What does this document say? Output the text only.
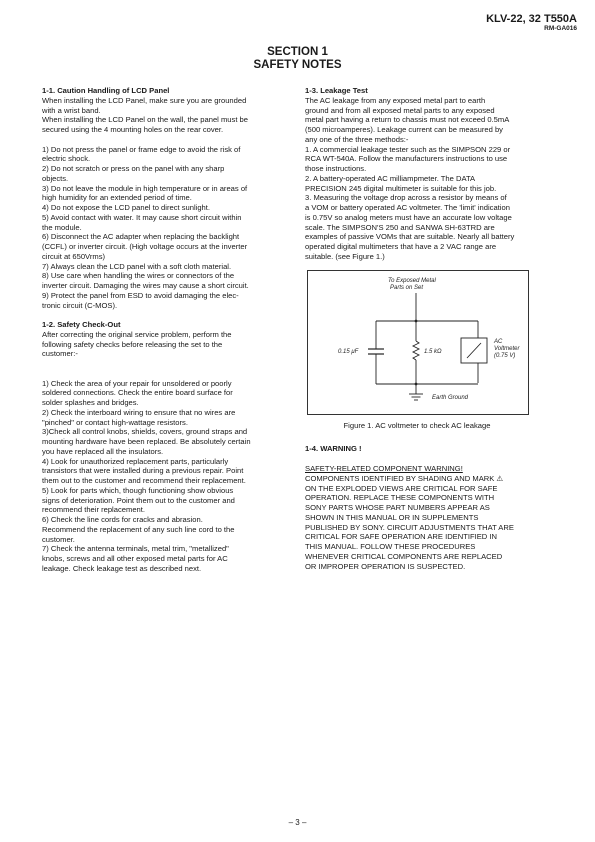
KLV-22, 32 T550A
RM-GA016
SECTION 1
SAFETY NOTES
1-1. Caution Handling of LCD Panel
When installing the LCD Panel, make sure you are grounded
with a wrist band.
When installing the LCD Panel on the wall, the panel must be
secured using the 4 mounting holes on the rear cover.
1) Do not press the panel or frame edge to avoid the risk of
electric shock.
2) Do not scratch or press on the panel with any sharp
objects.
3) Do not leave the module in high temperature or in areas of
high humidity for an extended period of time.
4) Do not expose the LCD panel to direct sunlight.
5) Avoid contact with water. It may cause short circuit within
the module.
6) Disconnect the AC adapter when replacing the backlight
(CCFL) or inverter circuit. (High voltage occurs at the inverter
circuit at 650Vrms)
7) Always clean the LCD panel with a soft cloth material.
8) Use care when handling the wires or connectors of the
inverter circuit. Damaging the wires may cause a short circuit.
9) Protect the panel from ESD to avoid damaging the elec-
tronic circuit (C-MOS).
1-2. Safety Check-Out
After correcting the original service problem, perform the
following safety checks before releasing the set to the
customer:-
1) Check the area of your repair for unsoldered or poorly
soldered connections. Check the entire board surface for
solder splashes and bridges.
2) Check the interboard wiring to ensure that no wires are
"pinched" or contact high-wattage resistors.
3)Check all control knobs, shields, covers, ground straps and
mounting hardware have been replaced. Be absolutely certain
you have replaced all the insulators.
4) Look for unauthorized replacement parts, particularly
transistors that were installed during a previous repair. Point
them out to the customer and recommend their replacement.
5) Look for parts which, though functioning show obvious
signs of deterioration. Point them out to the customer and
recommend their replacement.
6) Check the line cords for cracks and abrasion.
Recommend the replacement of any such line cord to the
customer.
7) Check the antenna terminals, metal trim, "metallized"
knobs, screws and all other exposed metal parts for AC
leakage. Check leakage test as described next.
1-3. Leakage Test
The AC leakage from any exposed metal part to earth
ground and from all exposed metal parts to any exposed
metal part having a return to chassis must not exceed 0.5mA
(500 microamperes). Leakage current can be measured by
any one of the three methods:-
1. A commercial leakage tester such as the SIMPSON 229 or
RCA WT-540A. Follow the manufacturers instructions to use
those instructions.
2. A battery-operated AC milliampmeter. The DATA
PRECISION 245 digital multimeter is suitable for this job.
3. Measuring the voltage drop across a resistor by means of
a VOM or battery operated AC voltmeter. The 'limit' indication
is 0.75V so analog meters must have an accurate low voltage
scale. The SIMPSON'S 250 and SANWA SH-63TRD are
examples of passive VOMs that are suitable. Nearly all battery
operated digital multimeters that have a 2 VAC range are
suitable. (see Figure 1.)
To Exposed Metal
Parts on Set
0.15 μF	1.5 kΩ
AC
Voltmeter
(0.75 V)
Earth Ground
Figure 1. AC voltmeter to check AC leakage
1-4. WARNING !
SAFETY-RELATED COMPONENT WARNING!
COMPONENTS IDENTIFIED BY SHADING AND MARK ⚠
ON THE EXPLODED VIEWS ARE CRITICAL FOR SAFE
OPERATION. REPLACE THESE COMPONENTS WITH
SONY PARTS WHOSE PART NUMBERS APPEAR AS
SHOWN IN THIS MANUAL OR IN SUPPLEMENTS
PUBLISHED BY SONY. CIRCUIT ADJUSTMENTS THAT ARE
CRITICAL FOR SAFE OPERATION ARE IDENTIFIED IN
THIS MANUAL. FOLLOW THESE PROCEDURES
WHENEVER CRITICAL COMPONENTS ARE REPLACED
OR IMPROPER OPERATION IS SUSPECTED.
– 3 –
